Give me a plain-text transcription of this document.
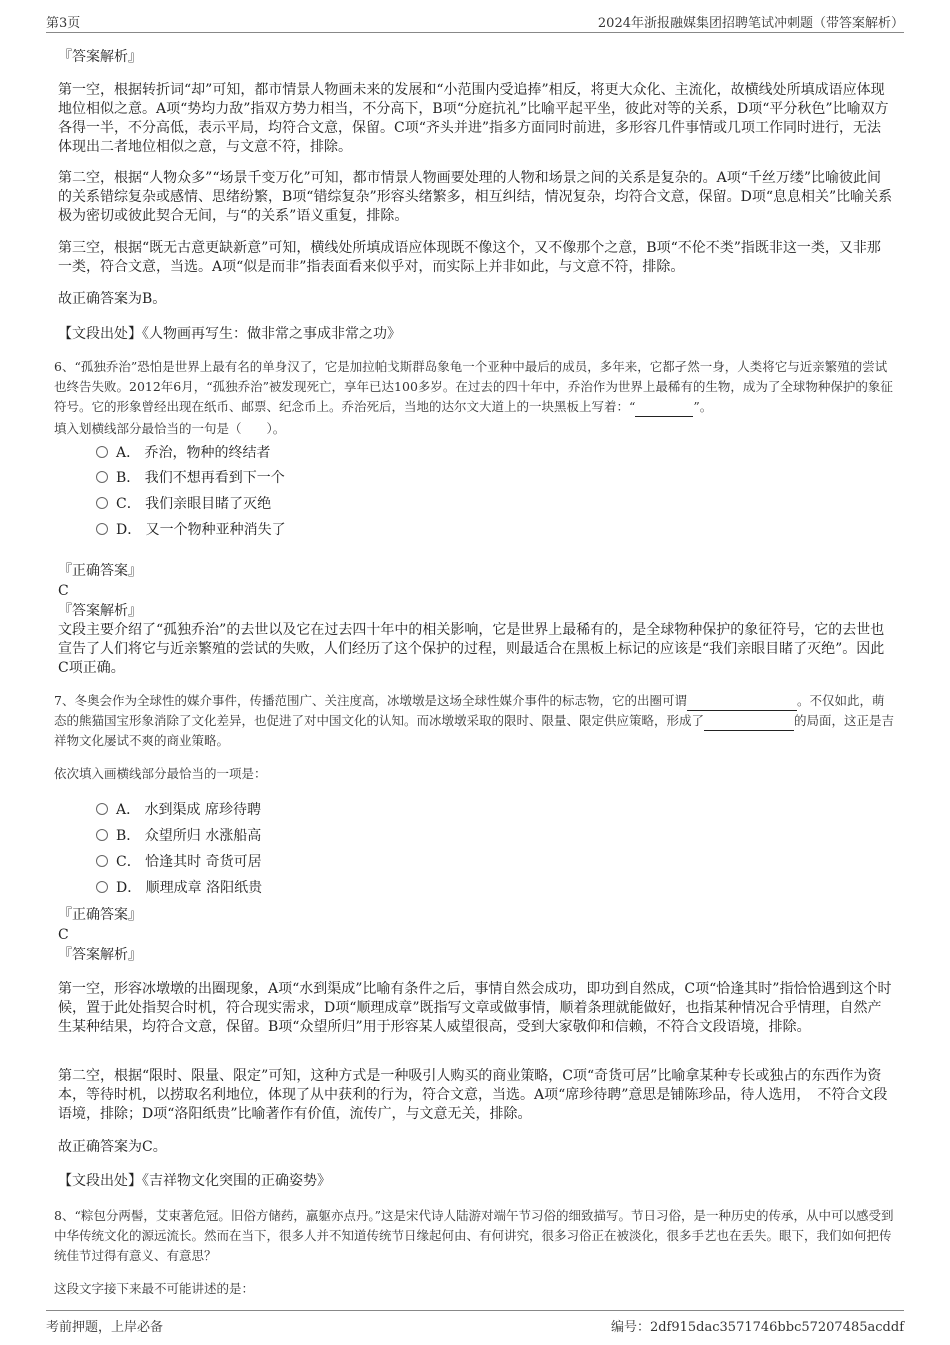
第3页	2024年浙报融媒集团招聘笔试冲刺题（带答案解析）
『答案解析』
第一空，根据转折词“却”可知，都市情景人物画未来的发展和“小范围内受追捧”相反，将更大众化、主流化，故横线处所填成语应体现地位相似之意。A项“势均力敌”指双方势力相当，不分高下，B项“分庭抗礼”比喻平起平坐，彼此对等的关系，D项“平分秋色”比喻双方各得一半，不分高低，表示平局，均符合文意，保留。C项“齐头并进”指多方面同时前进，多形容几件事情或几项工作同时进行，无法体现出二者地位相似之意，与文意不符，排除。
第二空，根据“人物众多”“场景千变万化”可知，都市情景人物画要处理的人物和场景之间的关系是复杂的。A项“千丝万缕”比喻彼此间的关系错综复杂或感情、思绪纷繁，B项“错综复杂”形容头绪繁多，相互纠结，情况复杂，均符合文意，保留。D项“息息相关”比喻关系极为密切或彼此契合无间，与“的关系”语义重复，排除。
第三空，根据“既无古意更缺新意”可知，横线处所填成语应体现既不像这个，又不像那个之意，B项“不伦不类”指既非这一类，又非那一类，符合文意，当选。A项“似是而非”指表面看来似乎对，而实际上并非如此，与文意不符，排除。
故正确答案为B。
【文段出处】《人物画再写生：做非常之事成非常之功》
6、“孤独乔治”恐怕是世界上最有名的单身汉了，它是加拉帕戈斯群岛象龟一个亚种中最后的成员，多年来，它都孑然一身，人类将它与近亲繁殖的尝试也终告失败。2012年6月，“孤独乔治”被发现死亡，享年已达100多岁。在过去的四十年中，乔治作为世界上最稀有的生物，成为了全球物种保护的象征符号。它的形象曾经出现在纸币、邮票、纪念币上。乔治死后，当地的达尔文大道上的一块黑板上写着：“	”。
填入划横线部分最恰当的一句是（　　）。
A． 乔治，物种的终结者
B． 我们不想再看到下一个
C． 我们亲眼目睹了灭绝
D． 又一个物种亚种消失了
『正确答案』
C
『答案解析』
文段主要介绍了“孤独乔治”的去世以及它在过去四十年中的相关影响，它是世界上最稀有的，是全球物种保护的象征符号，它的去世也宣告了人们将它与近亲繁殖的尝试的失败，人们经历了这个保护的过程，则最适合在黑板上标记的应该是“我们亲眼目睹了灭绝”。因此C项正确。
7、冬奥会作为全球性的媒介事件，传播范围广、关注度高，冰墩墩是这场全球性媒介事件的标志物，它的出圈可谓	。不仅如此，萌态的熊猫国宝形象消除了文化差异，也促进了对中国文化的认知。而冰墩墩采取的限时、限量、限定供应策略，形成了	的局面，这正是吉祥物文化屡试不爽的商业策略。
依次填入画横线部分最恰当的一项是：
A． 水到渠成 席珍待聘
B． 众望所归 水涨船高
C． 恰逢其时 奇货可居
D． 顺理成章 洛阳纸贵
『正确答案』
C
『答案解析』
第一空，形容冰墩墩的出圈现象，A项“水到渠成”比喻有条件之后，事情自然会成功，即功到自然成，C项“恰逢其时”指恰恰遇到这个时候，置于此处指契合时机，符合现实需求，D项“顺理成章”既指写文章或做事情，顺着条理就能做好，也指某种情况合乎情理，自然产生某种结果，均符合文意，保留。B项“众望所归”用于形容某人威望很高，受到大家敬仰和信赖，不符合文段语境，排除。
第二空，根据“限时、限量、限定”可知，这种方式是一种吸引人购买的商业策略，C项“奇货可居”比喻拿某种专长或独占的东西作为资本，等待时机，以捞取名利地位，体现了从中获利的行为，符合文意，当选。A项“席珍待聘”意思是铺陈珍品，待人选用，　不符合文段语境，排除；D项“洛阳纸贵”比喻著作有价值，流传广，与文意无关，排除。
故正确答案为C。
【文段出处】《吉祥物文化突围的正确姿势》
8、“粽包分两髻，艾束著危冠。旧俗方储药，羸躯亦点丹。”这是宋代诗人陆游对端午节习俗的细致描写。节日习俗，是一种历史的传承，从中可以感受到中华传统文化的源远流长。然而在当下，很多人并不知道传统节日缘起何由、有何讲究，很多习俗正在被淡化，很多手艺也在丢失。眼下，我们如何把传统佳节过得有意义、有意思？
这段文字接下来最不可能讲述的是：
考前押题，上岸必备	编号：2df915dac3571746bbc57207485acddf
